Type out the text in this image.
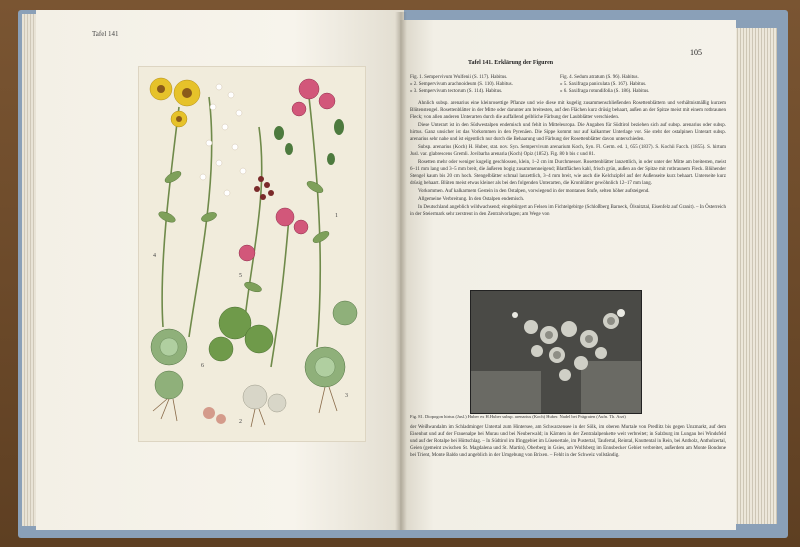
Tafel 141
4
5
1
6
2
3
105
Tafel 141. Erklärung der Figuren
Fig. 1. Sempervivum Wulfenii (S. 117). Habitus.
» 2. Sempervivum arachnoideum (S. 110). Habitus.
» 3. Sempervivum tectorum (S. 114). Habitus.
Fig. 4. Sedum atratum (S. 96). Habitus.
» 5. Saxifraga paniculata (S. 167). Habitus.
» 6. Saxifraga rotundifolia (S. 186). Habitus.

Ähnlich subsp. arenarius eine kleinrosettige Pflanze und wie diese mit kugelig zusammenschließenden Rosettenblättern und verhältnismäßig kurzem Blütenstengel. Rosettenblätter in der Mitte oder darunter am breitesten, auf den Flächen kurz drüsig behaart, außen an der Spitze meist mit einem rotbraunen Fleck; von allen anderen Unterarten durch die auffallend gelbliche Färbung der Laubblätter verschieden.

Diese Unterart ist in den Südwestalpen endemisch und fehlt in Mitteleuropa. Die Angaben für Südtirol beziehen sich auf subsp. arenarius oder subsp. hirtus. Ganz unsicher ist das Vorkommen in den Pyrenäen. Die Sippe kommt nur auf kalkarmer Unterlage vor. Sie steht der ostalpinen Unterart subsp. arenarius sehr nahe und ist eigentlich nur durch die Behaarung und Färbung der Rosettenblätter davon unterschieden.

Subsp. arenarius (Koch) H. Huber, stat. nov. Syn. Sempervivum arenarium Koch, Syn. Fl. Germ. ed. 1, 655 (1837). S. Kochii Facch. (1855). S. hirtum Jusl. var. glabrescens Gremli. Jovibarba arenaria (Koch) Opiz (1852). Fig. 80 b bis c und 81.

Rosetten mehr oder weniger kugelig geschlossen, klein, 1–2 cm im Durchmesser. Rosettenblätter lanzettlich, in oder unter der Mitte am breitesten, meist 6–11 mm lang und 3–5 mm breit, die äußeren bogig zusammenneigend; Blattflächen kahl, frisch grün, außen an der Spitze mit rotbraunem Fleck. Blühender Stengel kaum bis 20 cm hoch. Stengelblätter schmal lanzettlich, 3–4 mm breit, wie auch die Kelchzipfel auf der Außenseite kurz behaart. Unterseite kurz drüsig behaart. Blüten meist etwas kleiner als bei den folgenden Unterarten, die Kronblätter gewöhnlich 12–17 mm lang.

Vorkommen. Auf kalkarmem Gestein in den Ostalpen, vorwiegend in der montanen Stufe, selten höher aufsteigend.

Allgemeine Verbreitung. In den Ostalpen endemisch.

In Deutschland angeblich wildwachsend; eingebürgert an Felsen im Fichtelgebirge (Schloßberg Barneck, Ölsnitztal, Eisenfelz auf Granit). – In Österreich in der Steiermark sehr zerstreut in den Zentralvorlagen; am Wege von

Fig. 81. Diopogon hirtus (Jusl.) Huber ex H.Huber subsp. arenarius (Koch) Huber. Nadel bei Prägraten (Aufn. Th. Arzt)

der Weißwandalm im Schladminger Untertal zum Hintersee, am Schwarzensee in der Sölk, im oberen Murtale von Predlitz bis gegen Unzmarkt, auf dem Eisenhut und auf der Frauenalpe bei Murau und bei Neuberwald; in Kärnten in der Zentralalpenkette weit verbreitet; in Salzburg im Lungau bei Windsfeld und auf der Rotalpe bei Hüttschlag. – In Südtirol im Ifinggebiet im Lüsenertale, im Pustertal, Taufertal, Reintal, Knuttental in Rein, bei Antholz, Antholzertal, Geien (gemeint zwischen St. Magdalena und St. Martin), Oberberg in Gsies, am Wolfsberg im Ennsbecker Gebiet verbreitet, außerdem am Monte Bondone bei Trient, Monte Baldo und angeblich in der Umgebung von Brixen. – Fehlt in der Schweiz vollständig.
